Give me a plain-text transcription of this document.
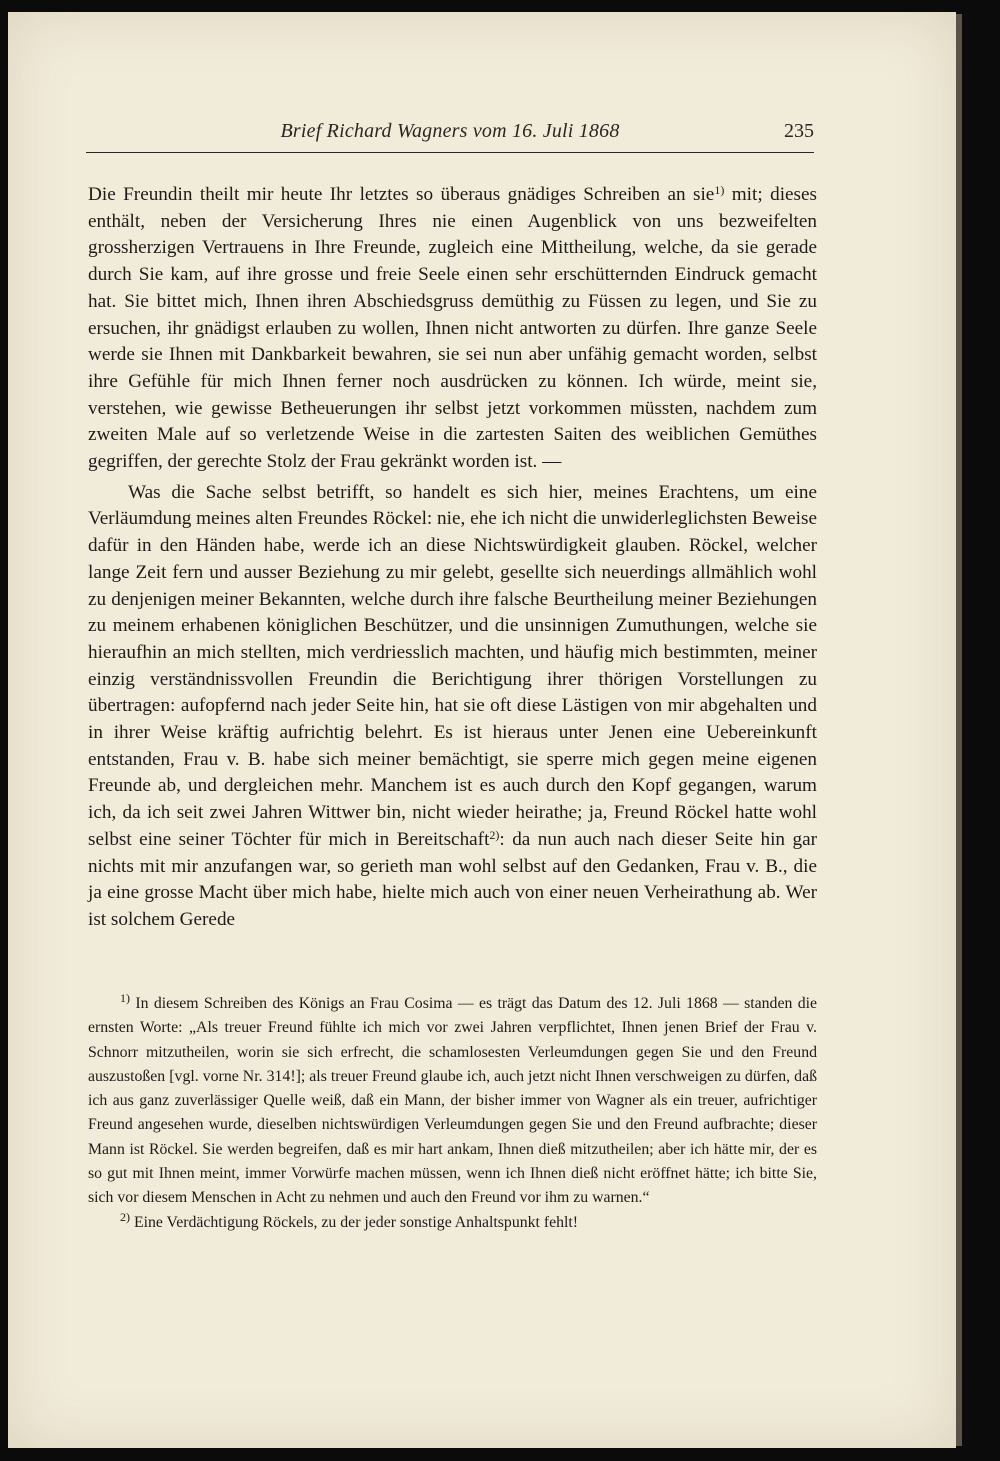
Brief Richard Wagners vom 16. Juli 1868	235

Die Freundin theilt mir heute Ihr letztes so überaus gnädiges Schreiben an sie$^{1)}$ mit; dieses enthält, neben der Versicherung Ihres nie einen Augenblick von uns bezweifelten grossherzigen Vertrauens in Ihre Freunde, zugleich eine Mittheilung, welche, da sie gerade durch Sie kam, auf ihre grosse und freie Seele einen sehr erschütternden Eindruck gemacht hat. Sie bittet mich, Ihnen ihren Abschiedsgruss demüthig zu Füssen zu legen, und Sie zu ersuchen, ihr gnädigst erlauben zu wollen, Ihnen nicht antworten zu dürfen. Ihre ganze Seele werde sie Ihnen mit Dankbarkeit bewahren, sie sei nun aber unfähig gemacht worden, selbst ihre Gefühle für mich Ihnen ferner noch ausdrücken zu können. Ich würde, meint sie, verstehen, wie gewisse Betheuerungen ihr selbst jetzt vorkommen müssten, nachdem zum zweiten Male auf so verletzende Weise in die zartesten Saiten des weiblichen Gemüthes gegriffen, der gerechte Stolz der Frau gekränkt worden ist. —

Was die Sache selbst betrifft, so handelt es sich hier, meines Erachtens, um eine Verläumdung meines alten Freundes Röckel: nie, ehe ich nicht die unwiderleglichsten Beweise dafür in den Händen habe, werde ich an diese Nichtswürdigkeit glauben. Röckel, welcher lange Zeit fern und ausser Beziehung zu mir gelebt, gesellte sich neuerdings allmählich wohl zu denjenigen meiner Bekannten, welche durch ihre falsche Beurtheilung meiner Beziehungen zu meinem erhabenen königlichen Beschützer, und die unsinnigen Zumuthungen, welche sie hieraufhin an mich stellten, mich verdriesslich machten, und häufig mich bestimmten, meiner einzig verständnissvollen Freundin die Berichtigung ihrer thörigen Vorstellungen zu übertragen: aufopfernd nach jeder Seite hin, hat sie oft diese Lästigen von mir abgehalten und in ihrer Weise kräftig aufrichtig belehrt. Es ist hieraus unter Jenen eine Uebereinkunft entstanden, Frau v. B. habe sich meiner bemächtigt, sie sperre mich gegen meine eigenen Freunde ab, und dergleichen mehr. Manchem ist es auch durch den Kopf gegangen, warum ich, da ich seit zwei Jahren Wittwer bin, nicht wieder heirathe; ja, Freund Röckel hatte wohl selbst eine seiner Töchter für mich in Bereitschaft$^{2)}$: da nun auch nach dieser Seite hin gar nichts mit mir anzufangen war, so gerieth man wohl selbst auf den Gedanken, Frau v. B., die ja eine grosse Macht über mich habe, hielte mich auch von einer neuen Verheirathung ab. Wer ist solchem Gerede

$^{1)}$ In diesem Schreiben des Königs an Frau Cosima — es trägt das Datum des 12. Juli 1868 — standen die ernsten Worte: „Als treuer Freund fühlte ich mich vor zwei Jahren verpflichtet, Ihnen jenen Brief der Frau v. Schnorr mitzutheilen, worin sie sich erfrecht, die schamlosesten Verleumdungen gegen Sie und den Freund auszustoßen [vgl. vorne Nr. 314!]; als treuer Freund glaube ich, auch jetzt nicht Ihnen verschweigen zu dürfen, daß ich aus ganz zuverlässiger Quelle weiß, daß ein Mann, der bisher immer von Wagner als ein treuer, aufrichtiger Freund angesehen wurde, dieselben nichtswürdigen Verleumdungen gegen Sie und den Freund aufbrachte; dieser Mann ist Röckel. Sie werden begreifen, daß es mir hart ankam, Ihnen dieß mitzutheilen; aber ich hätte mir, der es so gut mit Ihnen meint, immer Vorwürfe machen müssen, wenn ich Ihnen dieß nicht eröffnet hätte; ich bitte Sie, sich vor diesem Menschen in Acht zu nehmen und auch den Freund vor ihm zu warnen.“

$^{2)}$ Eine Verdächtigung Röckels, zu der jeder sonstige Anhaltspunkt fehlt!
